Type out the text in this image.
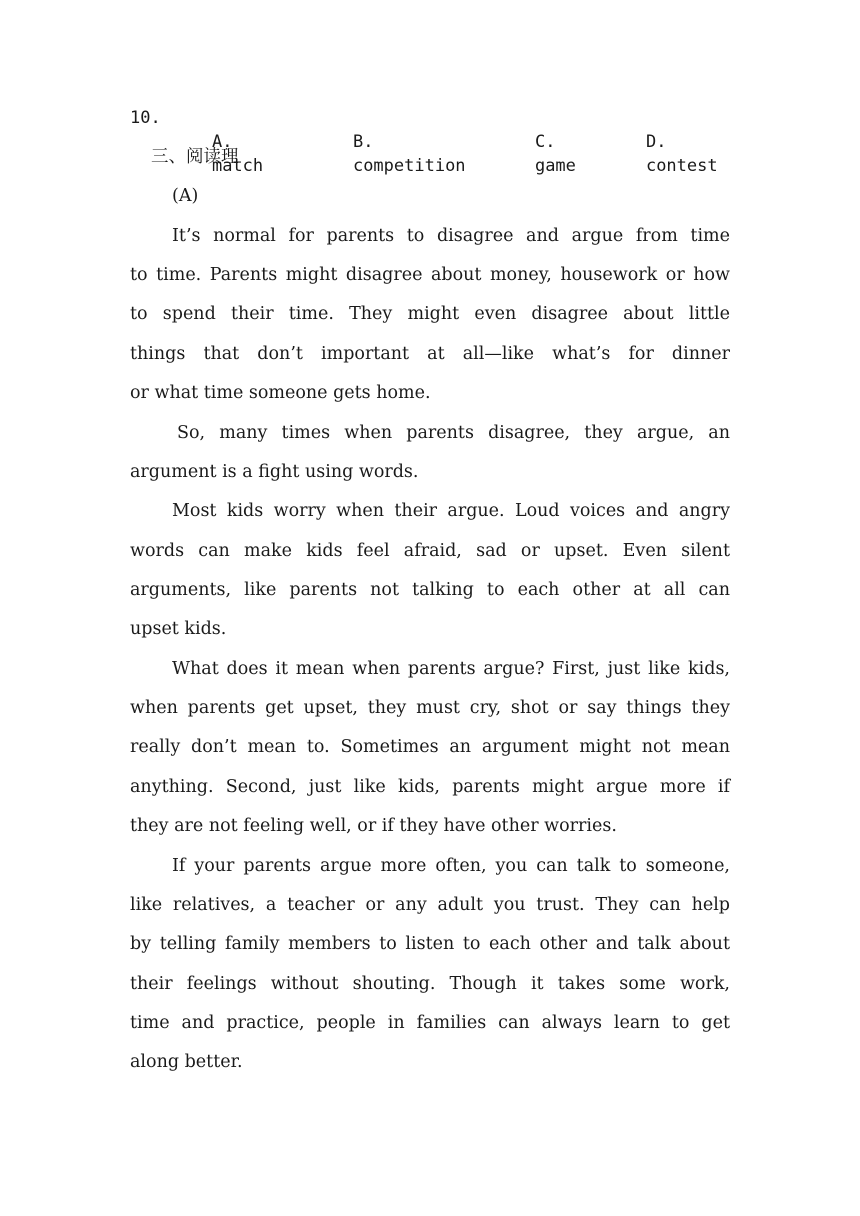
10.

A.
match

B.
competition

C.
game

D.
contest

三、阅读理
(A)
It’s normal for parents to disagree and argue from time
to time. Parents might disagree about money, housework or how
to spend their time. They might even disagree about little
things that don’t important at all—like what’s for dinner
or what time someone gets home.
So, many times when parents disagree, they argue, an
argument is a fight using words.
Most kids worry when their argue. Loud voices and angry
words can make kids feel afraid, sad or upset. Even silent
arguments, like parents not talking to each other at all can
upset kids.
What does it mean when parents argue? First, just like kids,
when parents get upset, they must cry, shot or say things they
really don’t mean to. Sometimes an argument might not mean
anything. Second, just like kids, parents might argue more if
they are not feeling well, or if they have other worries.
If your parents argue more often, you can talk to someone,
like relatives, a teacher or any adult you trust. They can help
by telling family members to listen to each other and talk about
their feelings without shouting. Though it takes some work,
time and practice, people in families can always learn to get
along better.
